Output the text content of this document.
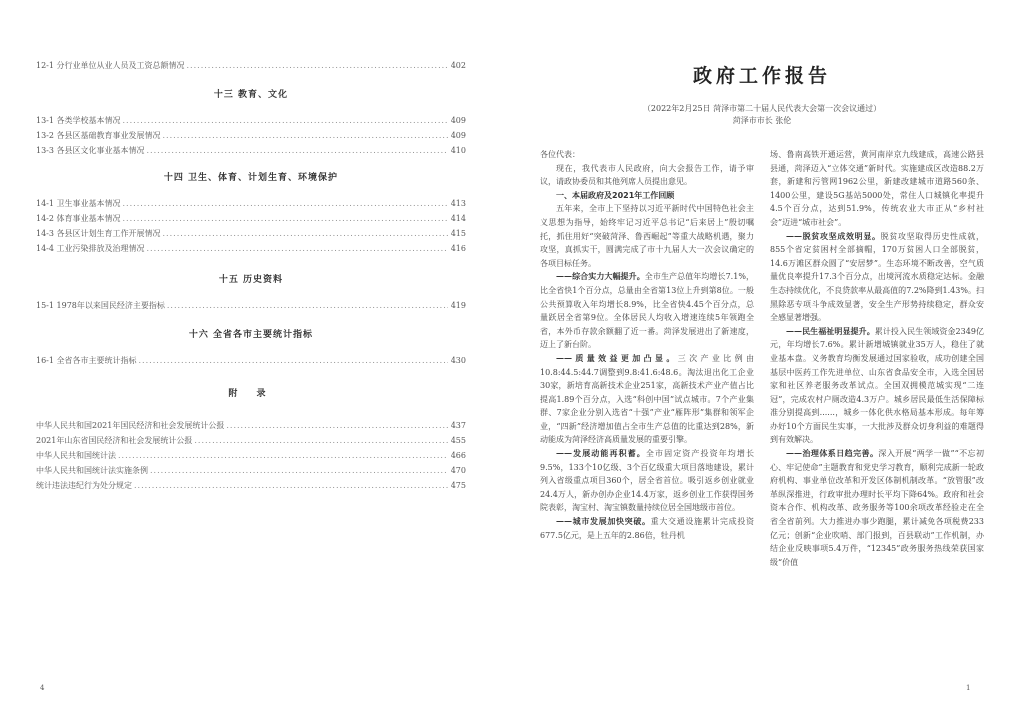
12-1 分行业单位从业人员及工资总额情况 .....	402
十三 教育、文化
13-1 各类学校基本情况 .....	409
13-2 各县区基础教育事业发展情况 .....	409
13-3 各县区文化事业基本情况 .....	410
十四 卫生、体育、计划生育、环境保护
14-1 卫生事业基本情况 .....	413
14-2 体育事业基本情况 .....	414
14-3 各县区计划生育工作开展情况 .....	415
14-4 工业污染排放及治理情况 .....	416
十五 历史资料
15-1 1978年以来国民经济主要指标 .....	419
十六 全省各市主要统计指标
16-1 全省各市主要统计指标 .....	430
附 录
中华人民共和国2021年国民经济和社会发展统计公报 .....	437
2021年山东省国民经济和社会发展统计公报 .....	455
中华人民共和国统计法 .....	466
中华人民共和国统计法实施条例 .....	470
统计违法违纪行为处分规定 .....	475
4
政府工作报告
（2022年2月25日 菏泽市第二十届人民代表大会第一次会议通过）
菏泽市市长 张伦

各位代表：

现在，我代表市人民政府，向大会报告工作，请予审议，请政协委员和其他列席人员提出意见。

一、本届政府及2021年工作回顾

五年来，全市上下坚持以习近平新时代中国特色社会主义思想为指导，始终牢记习近平总书记“后来居上”殷切嘱托，抓住用好“突破菏泽、鲁西崛起”等重大战略机遇，聚力攻坚，真抓实干，圆满完成了市十九届人大一次会议确定的各项目标任务。

——综合实力大幅提升。全市生产总值年均增长7.1%，比全省快1个百分点，总量由全省第13位上升到第8位。一般公共预算收入年均增长8.9%，比全省快4.45个百分点，总量跃居全省第9位。全体居民人均收入增速连续5年领跑全省，本外币存款余额翻了近一番。菏泽发展进出了新速度，迈上了新台阶。

——质量效益更加凸显。三次产业比例由10.8:44.5:44.7调整到9.8:41.6:48.6。淘汰退出化工企业30家，新培育高新技术企业251家，高新技术产业产值占比提高1.89个百分点，入选“科创中国”试点城市。7个产业集群、7家企业分别入选省“十强”产业“雁阵形”集群和领军企业，“四新”经济增加值占全市生产总值的比重达到28%，新动能成为菏泽经济高质量发展的重要引擎。

——发展动能再积蓄。全市固定资产投资年均增长9.5%，133个10亿级、3个百亿级重大项目落地建设，累计列入省级重点项目360个，居全省首位。吸引返乡创业就业24.4万人，新办创办企业14.4万家，返乡创业工作获得国务院表彰，淘宝村、淘宝镇数量持续位居全国地级市首位。

——城市发展加快突破。重大交通设施累计完成投资677.5亿元，是上五年的2.86倍，牡丹机

场、鲁南高铁开通运营，黄河南岸京九线建成，高速公路县县通，菏泽迈入“立体交通”新时代。实施建成区改造88.2万套，新建和污管网1962公里，新建改建城市道路560条、1400公里，建设5G基站5000处，常住人口城镇化率提升4.5个百分点，达到51.9%，传统农业大市正从“乡村社会”迈进“城市社会”。

——脱贫攻坚成效明显。脱贫攻坚取得历史性成就，855个省定贫困村全部摘帽，170万贫困人口全部脱贫，14.6万滩区群众圆了“安居梦”。生态环境不断改善，空气质量优良率提升17.3个百分点，出境河流水质稳定达标。金融生态持续优化，不良贷款率从最高值的7.2%降到1.43%。扫黑除恶专项斗争成效显著，安全生产形势持续稳定，群众安全感显著增强。

——民生福祉明显提升。累计投入民生领域资金2349亿元，年均增长7.6%。累计新增城镇就业35万人，稳住了就业基本盘。义务教育均衡发展通过国家验收，成功创建全国基层中医药工作先进单位、山东省食品安全市，入选全国居家和社区养老服务改革试点。全国双拥模范城实现“二连冠”，完成农村户厕改造4.3万户。城乡居民最低生活保障标准分别提高到......，城乡一体化供水格局基本形成。每年筹办好10个方面民生实事，一大批涉及群众切身利益的难题得到有效解决。

——治理体系日趋完善。深入开展“两学一做”“不忘初心、牢记使命”主题教育和党史学习教育，顺利完成新一轮政府机构、事业单位改革和开发区体制机制改革。“放管服”改革纵深推进，行政审批办理时长平均下降64%。政府和社会资本合作、机构改革、政务服务等100余项改革经验走在全省全省前列。大力推进办事少跑腿，累计减免各项税费233亿元；创新“企业吹哨、部门报到，百县联动”工作机制，办结企业反映事项5.4万件，“12345”政务服务热线荣获国家级“价值

1
